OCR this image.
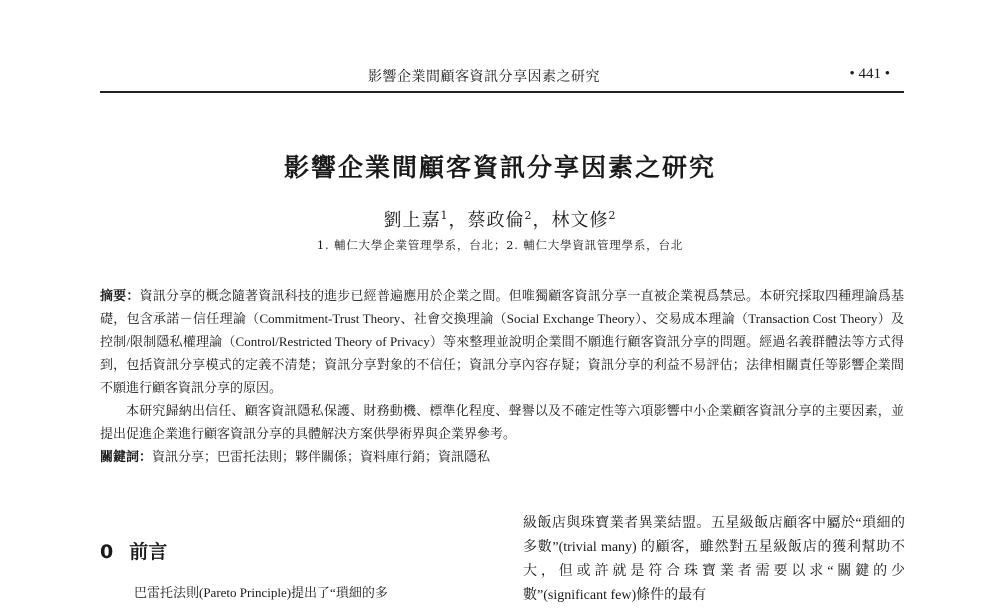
影響企業間顧客資訊分享因素之研究	• 441 •
影響企業間顧客資訊分享因素之研究
劉上嘉$^1$，蔡政倫$^2$，林文修$^2$
1. 輔仁大學企業管理學系，台北；2. 輔仁大學資訊管理學系，台北

摘要：資訊分享的概念隨著資訊科技的進步已經普遍應用於企業之間。但唯獨顧客資訊分享一直被企業視爲禁忌。本研究採取四種理論爲基礎，包含承諾－信任理論（Commitment-Trust Theory、社會交換理論（Social Exchange Theory）、交易成本理論（Transaction Cost Theory）及控制/限制隱私權理論（Control/Restricted Theory of Privacy）等來整理並說明企業間不願進行顧客資訊分享的問題。經過名義群體法等方式得到，包括資訊分享模式的定義不清楚；資訊分享對象的不信任；資訊分享內容存疑；資訊分享的利益不易評估；法律相關責任等影響企業間不願進行顧客資訊分享的原因。

本研究歸納出信任、顧客資訊隱私保護、財務動機、標準化程度、聲譽以及不確定性等六項影響中小企業顧客資訊分享的主要因素，並提出促進企業進行顧客資訊分享的具體解決方案供學術界與企業界參考。

關鍵詞：資訊分享；巴雷托法則；夥伴關係；資料庫行銷；資訊隱私

0 前言
巴雷托法則(Pareto Principle)提出了“瑣細的多

級飯店與珠寶業者異業結盟。五星級飯店顧客中屬於“瑣細的多數”(trivial many) 的顧客，雖然對五星級飯店的獲利幫助不大，但或許就是符合珠寶業者需要以求“關鍵的少數”(significant few)條件的最有
